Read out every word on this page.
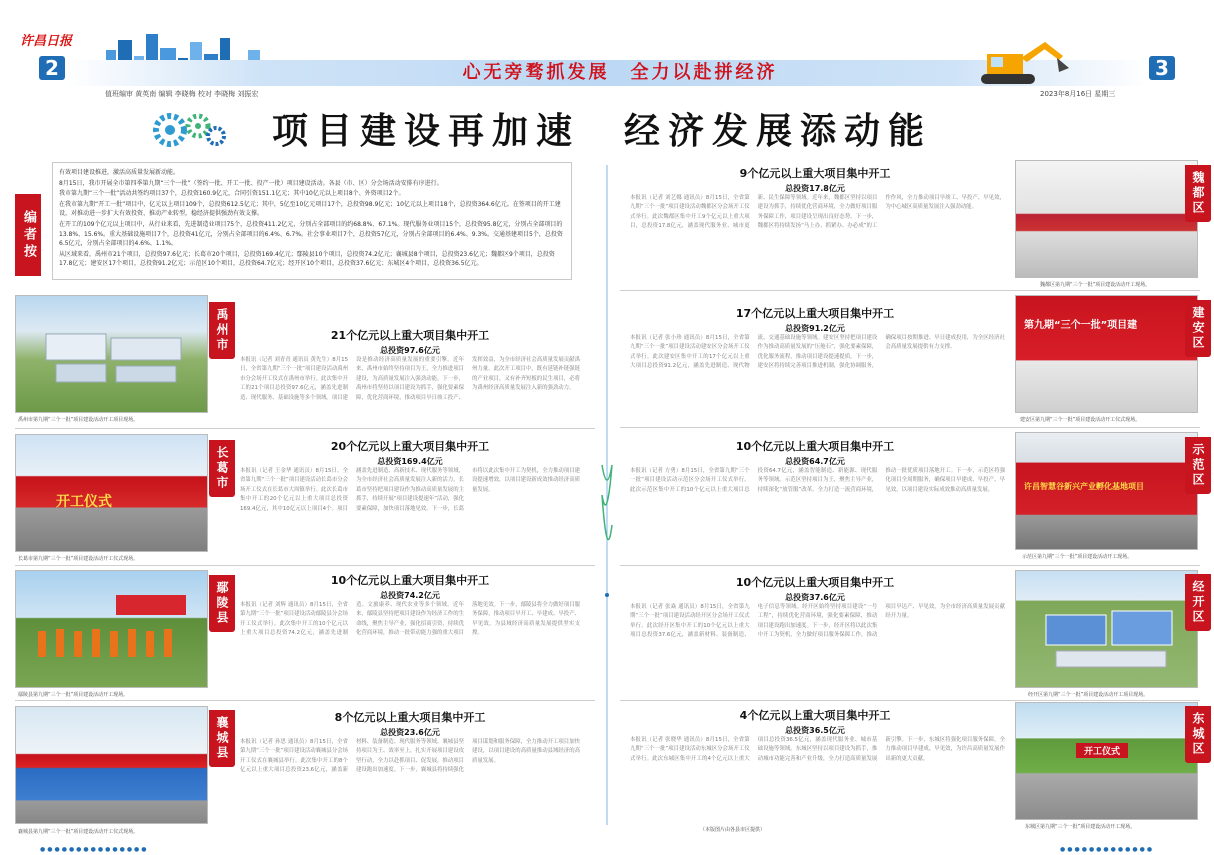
许昌日报
2	3
心无旁骛抓发展　全力以赴拼经济
值班编审 黄英南 编辑 李晓梅 校对 李晓梅 刘振宏	2023年8月16日 星期三
项目建设再加速　经济发展添动能
编者按

有效项目建设推进，激活高质量发展新动能。

8月15日，我市开展全市第四季第九期“三个一批”（签约一批、开工一批、投产一批）项目建设活动。各县（市、区）分会场活动安排有序进行。

我市第九期“三个一批”活动共签约项目37个，总投资160.9亿元，合同引资151.1亿元；其中10亿元以上项目8个、外资项目2个。

在我市第九期“开工一批”项目中，亿元以上项目109个，总投资612.5亿元；其中，5亿至10亿元项目17个，总投资98.9亿元；10亿元以上项目18个，总投资364.6亿元。在签项目的开工建设，对推动进一步扩大有效投资、推动产业转型，稳经济提供强劲有效支撑。

在开工的109个亿元以上项目中，从行业来看，先进制造业项目75个，总投资411.2亿元，分别占全部项目的约68.8%、67.1%。现代服务业项目15个，总投资95.8亿元，分别占全部项目的13.8%、15.6%。重大基础设施项目7个，总投资41亿元，分别占全部项目的6.4%、6.7%。社会事业项目7个，总投资57亿元，分别占全部项目的6.4%、9.3%。交通基建项目5个，总投资6.5亿元，分别占全部项目的4.6%、1.1%。

从区域来看，禹州市21个项目，总投资97.6亿元；长葛市20个项目，总投资169.4亿元；鄢陵县10个项目，总投资74.2亿元；襄城县8个项目，总投资23.6亿元；魏都区9个项目，总投资17.8亿元；建安区17个项目，总投资91.2亿元；示范区10个项目，总投资64.7亿元；经开区10个项目，总投资37.6亿元；东城区4个项目，总投资36.5亿元。

禹州市
禹州市第九期“三个一批”项目建设活动开工项目现场。
21个亿元以上重大项目集中开工
总投资97.6亿元
本报讯（记者 刘青青 通讯员 黄先生）8月15日，全省第九期“三个一批”项目建设活动禹州市分会场开工仪式在禹州市举行。此次集中开工的21个项目总投资97.6亿元，涵盖先进制造、现代服务、基础设施等多个领域。项目建设是推动经济高质量发展的重要引擎。近年来，禹州市始终坚持项目为王，全力推进项目建设，为高质量发展注入强劲动能。下一步，禹州市将坚持以项目建设为抓手，强化要素保障，优化营商环境，推动项目早日竣工投产、发挥效益，为全市经济社会高质量发展贡献禹州力量。此次开工项目中，既有延链补链强链的产业项目，又有补齐短板的民生项目，必将为禹州经济高质量发展注入新的强劲动力。
开工仪式
长葛市
长葛市第九期“三个一批”项目建设活动开工仪式现场。
20个亿元以上重大项目集中开工
总投资169.4亿元
本报讯（记者 王金华 通讯员）8月15日，全省第九期“三个一批”项目建设活动长葛市分会场开工仪式在长葛市大周镇举行。此次长葛市集中开工的20个亿元以上重大项目总投资169.4亿元，其中10亿元以上项目4个。项目涵盖先进制造、高新技术、现代服务等领域，为全市经济社会高质量发展注入新的活力。长葛市坚持把项目建设作为推动高质量发展的主抓手，持续开展“项目建设提速年”活动，强化要素保障，加快项目落地见效。下一步，长葛市将以此次集中开工为契机，全力推动项目建设提速增效，以项目建设新成效推动经济高质量发展。
鄢陵县
鄢陵县第九期“三个一批”项目建设活动开工现场。
10个亿元以上重大项目集中开工
总投资74.2亿元
本报讯（记者 刘辉 通讯员）8月15日，全省第九期“三个一批”项目建设活动鄢陵县分会场开工仪式举行。此次集中开工的10个亿元以上重大项目总投资74.2亿元，涵盖先进制造、文旅康养、现代农业等多个领域。近年来，鄢陵县坚持把项目建设作为经济工作的生命线，聚焦主导产业，强化招商引资，持续优化营商环境，推动一批带动能力强的重大项目落地见效。下一步，鄢陵县将全力做好项目服务保障，推动项目早开工、早建成、早投产、早见效，为县域经济高质量发展提供坚实支撑。
襄城县
襄城县第九期“三个一批”项目建设活动开工仪式现场。
8个亿元以上重大项目集中开工
总投资23.6亿元
本报讯（记者 孙思 通讯员）8月15日，全省第九期“三个一批”项目建设活动襄城县分会场开工仪式在襄城县举行。此次集中开工的8个亿元以上重大项目总投资23.6亿元，涵盖新材料、装备制造、现代服务等领域。襄城县坚持项目为王、效率至上，扎实开展项目建设攻坚行动，全力以赴抓项目、促发展，推动项目建设跑出加速度。下一步，襄城县将持续强化项目谋划和服务保障，全力推动开工项目加快建设，以项目建设的高质量推动县域经济的高质量发展。
9个亿元以上重大项目集中开工
总投资17.8亿元
本报讯（记者 刘艺娜 通讯员）8月15日，全省第九期“三个一批”项目建设活动魏都区分会场开工仪式举行。此次魏都区集中开工9个亿元以上重大项目，总投资17.8亿元，涵盖现代服务业、城市更新、民生保障等领域。近年来，魏都区坚持以项目建设为抓手，持续优化营商环境，全力做好项目服务保障工作，项目建设呈现出良好态势。下一步，魏都区将持续发扬“马上办、抓紧办、办必成”的工作作风，全力推动项目早竣工、早投产、早见效，为中心城区高质量发展注入强劲动能。	魏都区
魏都区第九期“三个一批”项目建设活动开工现场。
17个亿元以上重大项目集中开工
总投资91.2亿元
本报讯（记者 张小珍 通讯员）8月15日，全省第九期“三个一批”项目建设活动建安区分会场开工仪式举行。此次建安区集中开工的17个亿元以上重大项目总投资91.2亿元，涵盖先进制造、现代物流、交通基础设施等领域。建安区坚持把项目建设作为推动高质量发展的“压舱石”，强化要素保障，优化服务流程，推动项目建设提速提质。下一步，建安区将持续完善项目推进机制，强化协调服务，确保项目按期推进、早日建成投用，为全区经济社会高质量发展提供有力支撑。
第九期“三个一批”项目建	建安区
建安区第九期“三个一批”项目建设活动开工仪式现场。
10个亿元以上重大项目集中开工
总投资64.7亿元
本报讯（记者 方勇）8月15日，全省第九期“三个一批”项目建设活动示范区分会场开工仪式举行。此次示范区集中开工的10个亿元以上重大项目总投资64.7亿元，涵盖智能制造、新能源、现代服务等领域。示范区坚持项目为王，聚焦主导产业，持续深化“放管服”改革，全力打造一流营商环境，推动一批优质项目落地开工。下一步，示范区将强化项目全周期服务，确保项目早建成、早投产、早见效，以项目建设实际成效推动高质量发展。	许昌智慧谷新兴产业孵化基地项目	示范区
示范区第九期“三个一批”项目建设活动开工现场。
10个亿元以上重大项目集中开工
总投资37.6亿元
本报讯（记者 张焱 通讯员）8月15日，全省第九期“三个一批”项目建设活动经开区分会场开工仪式举行。此次经开区集中开工的10个亿元以上重大项目总投资37.6亿元，涵盖新材料、装备制造、电子信息等领域。经开区始终坚持项目建设“一号工程”，持续优化营商环境，强化要素保障，推动项目建设跑出加速度。下一步，经开区将以此次集中开工为契机，全力做好项目服务保障工作，推动项目早达产、早见效，为全市经济高质量发展贡献经开力量。	经开区
经开区第九期“三个一批”项目建设活动开工项目现场。
4个亿元以上重大项目集中开工
总投资36.5亿元
本报讯（记者 张晓华 通讯员）8月15日，全省第九期“三个一批”项目建设活动东城区分会场开工仪式举行。此次东城区集中开工的4个亿元以上重大项目总投资36.5亿元，涵盖现代服务业、城市基础设施等领域。东城区坚持以项目建设为抓手，推动城市功能完善和产业升级，全力打造高质量发展新引擎。下一步，东城区将强化项目服务保障，全力推动项目早建成、早见效，为许昌高质量发展作出新的更大贡献。
（本版图片由各县市区提供）
开工仪式	东城区
东城区第九期“三个一批”项目建设活动开工现场。
●●●●●●●●●●●●●●●	●●●●●●●●●●●●●
